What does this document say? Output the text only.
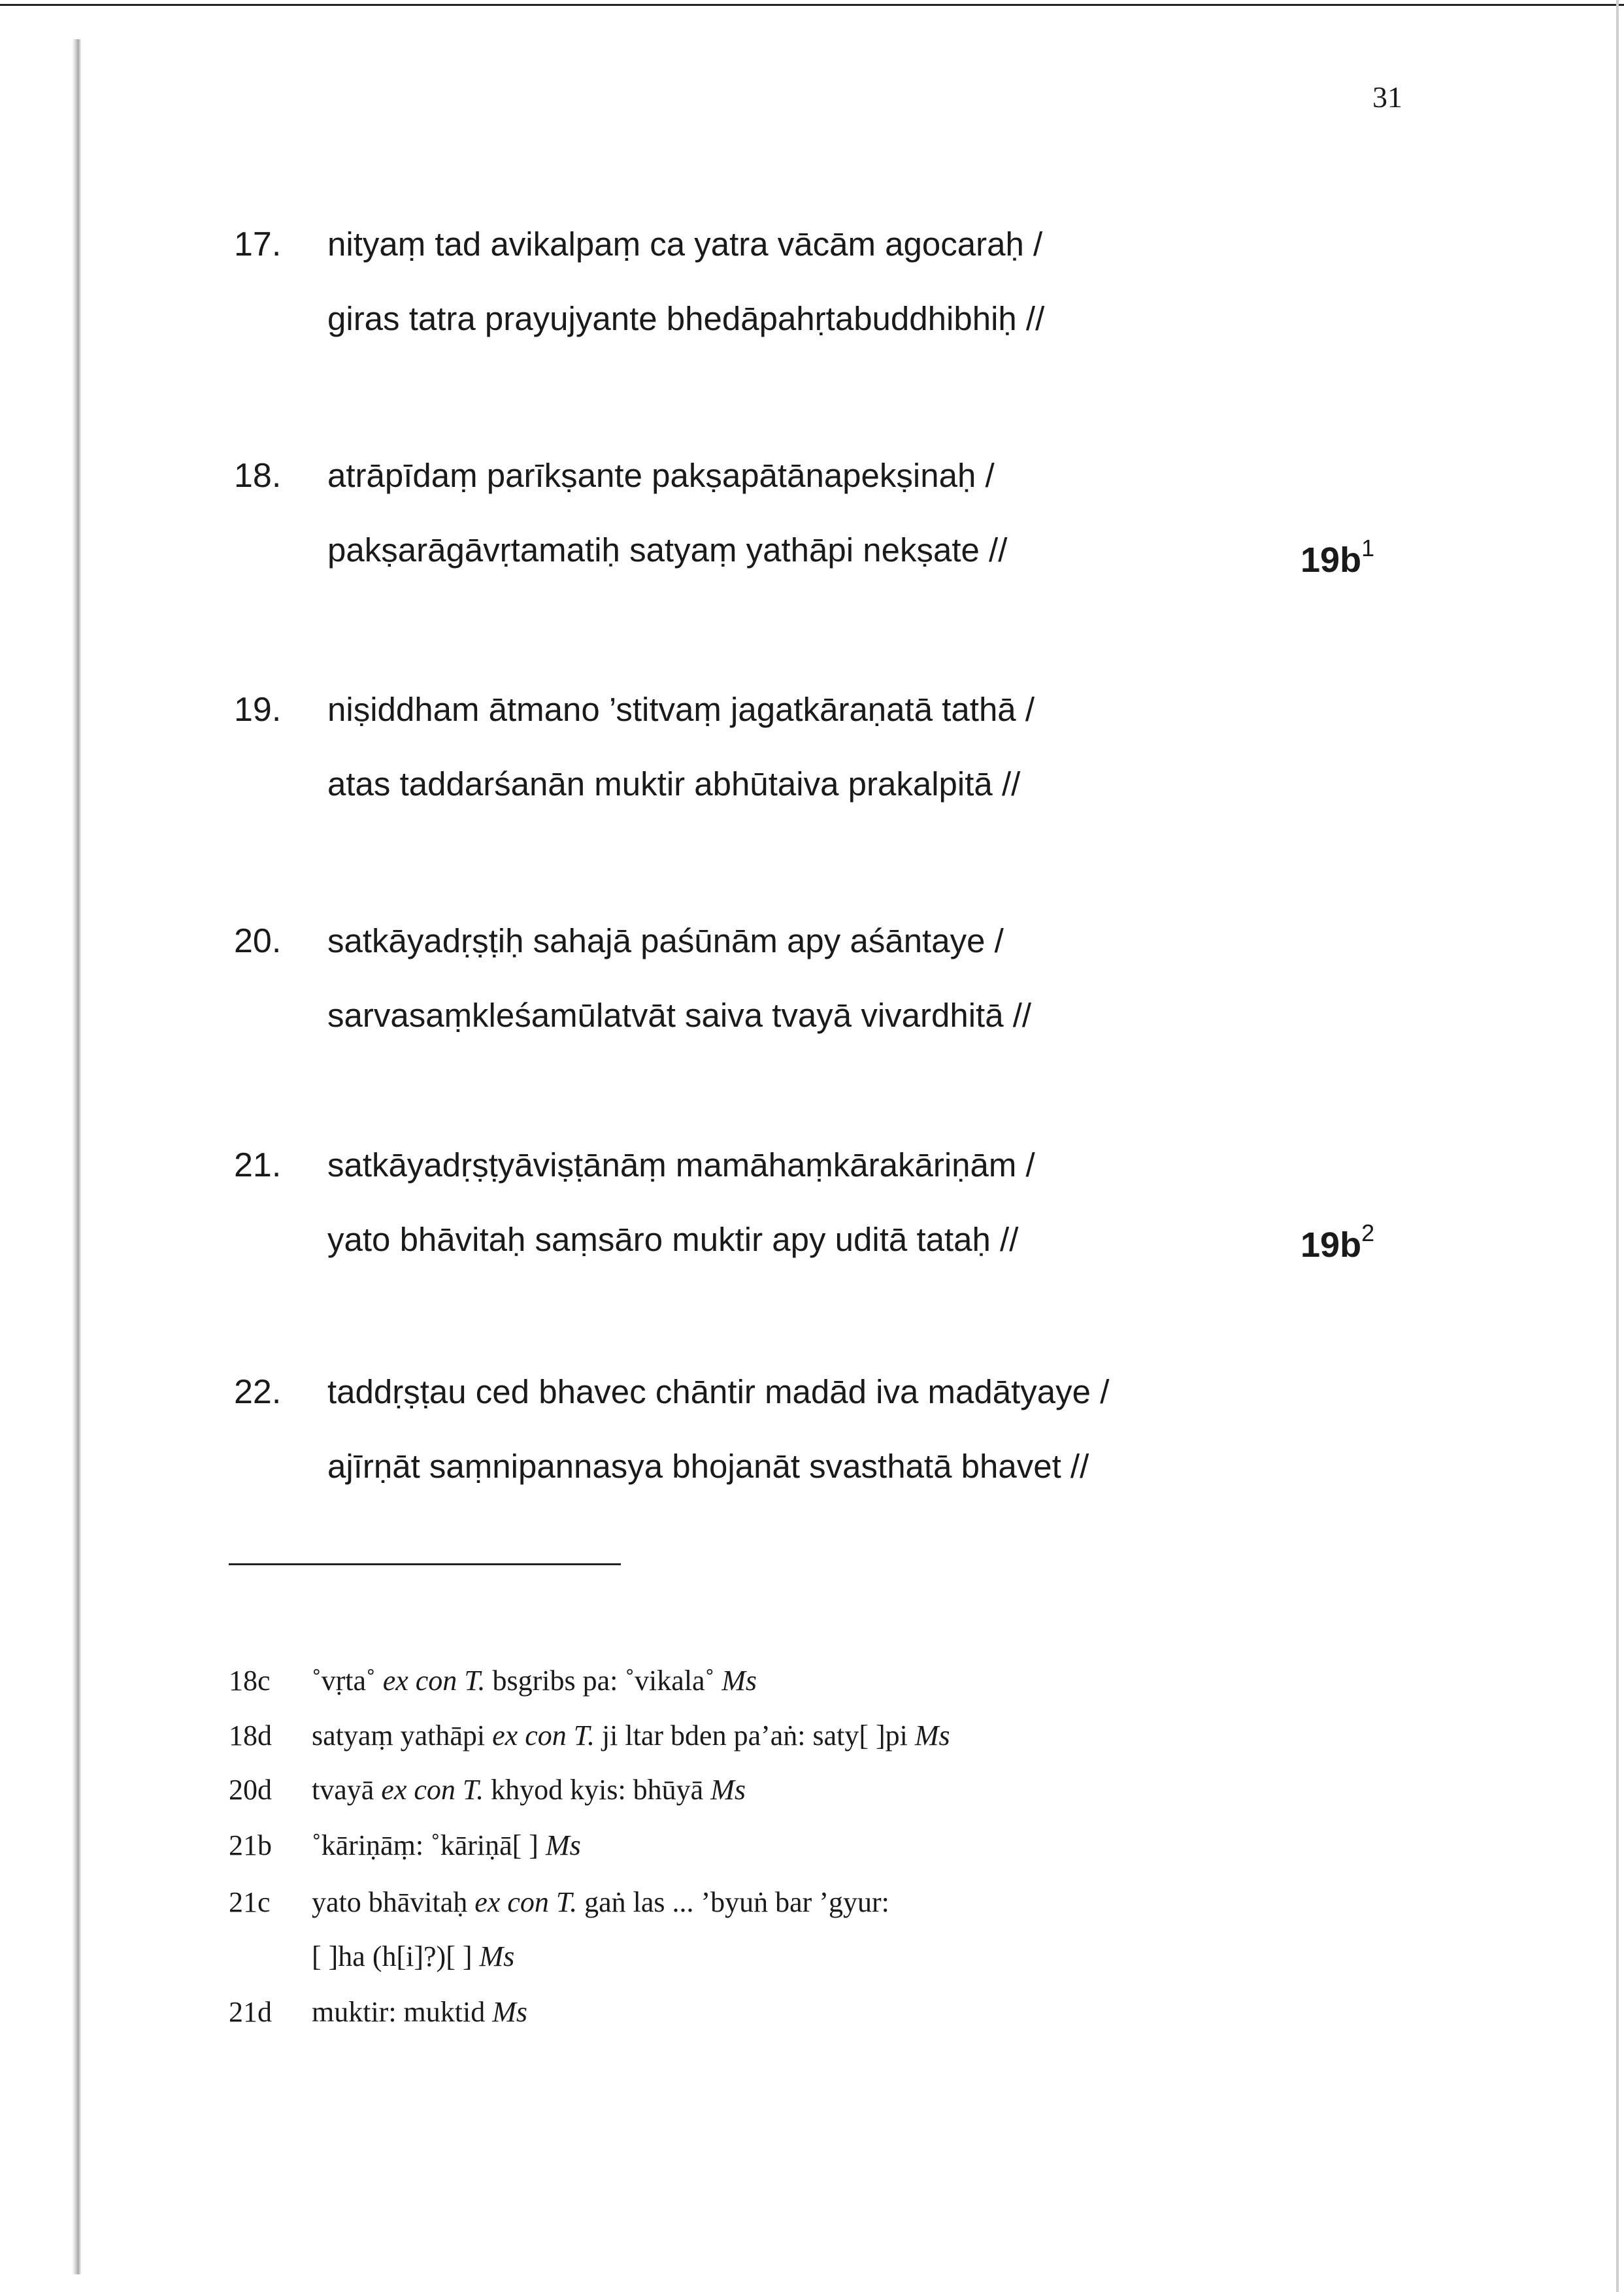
31
17. nityaṃ tad avikalpaṃ ca yatra vācām agocaraḥ /
giras tatra prayujyante bhedāpahṛtabuddhibhiḥ //
18. atrāpīdaṃ parīkṣante pakṣapātānapekṣinaḥ /
pakṣarāgāvṛtamatiḥ satyaṃ yathāpi nekṣate //
19. niṣiddham ātmano ’stitvaṃ jagatkāraṇatā tathā /
atas taddarśanān muktir abhūtaiva prakalpitā //
20. satkāyadṛṣṭiḥ sahajā paśūnām apy aśāntaye /
sarvasaṃkleśamūlatvāt saiva tvayā vivardhitā //
21. satkāyadṛṣṭyāviṣṭānāṃ mamāhaṃkārakāriṇām /
yato bhāvitaḥ saṃsāro muktir apy uditā tataḥ //
22. taddṛṣṭau ced bhavec chāntir madād iva madātyaye /
ajīrṇāt saṃnipannasya bhojanāt svasthatā bhavet //
$19b^1$
$19b^2$
18c ˚vṛta˚ ex con T. bsgribs pa: ˚vikala˚ Ms
18d satyaṃ yathāpi ex con T. ji ltar bden pa’aṅ: saty[ ]pi Ms
20d tvayā ex con T. khyod kyis: bhūyā Ms
21b ˚kāriṇāṃ: ˚kāriṇā[ ] Ms
21c yato bhāvitaḥ ex con T. gaṅ las ... ’byuṅ bar ’gyur:
[ ]ha (h[i]?)[ ] Ms
21d muktir: muktid Ms
